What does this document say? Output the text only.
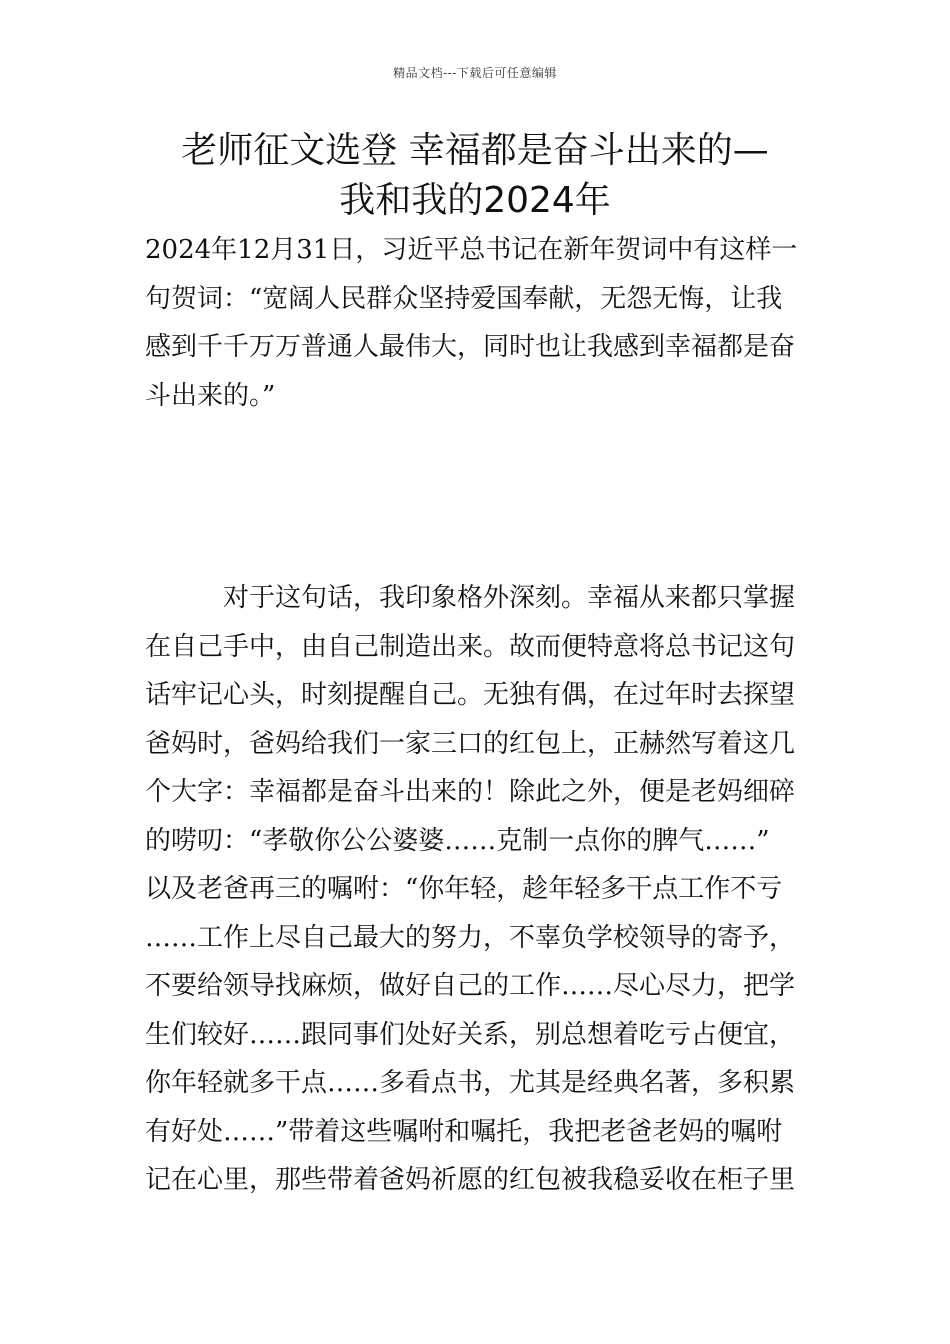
精品文档---下载后可任意编辑
老师征文选登 幸福都是奋斗出来的—
我和我的2024年

2024年12月31日，习近平总书记在新年贺词中有这样一
句贺词：“宽阔人民群众坚持爱国奉献，无怨无悔，让我
感到千千万万普通人最伟大，同时也让我感到幸福都是奋
斗出来的。”

　　　对于这句话，我印象格外深刻。幸福从来都只掌握
在自己手中，由自己制造出来。故而便特意将总书记这句
话牢记心头，时刻提醒自己。无独有偶，在过年时去探望
爸妈时，爸妈给我们一家三口的红包上，正赫然写着这几
个大字：幸福都是奋斗出来的！除此之外，便是老妈细碎
的唠叨：“孝敬你公公婆婆……克制一点你的脾气……”
以及老爸再三的嘱咐：“你年轻，趁年轻多干点工作不亏
……工作上尽自己最大的努力，不辜负学校领导的寄予，
不要给领导找麻烦，做好自己的工作……尽心尽力，把学
生们较好……跟同事们处好关系，别总想着吃亏占便宜，
你年轻就多干点……多看点书，尤其是经典名著，多积累
有好处……”带着这些嘱咐和嘱托，我把老爸老妈的嘱咐
记在心里，那些带着爸妈祈愿的红包被我稳妥收在柜子里
